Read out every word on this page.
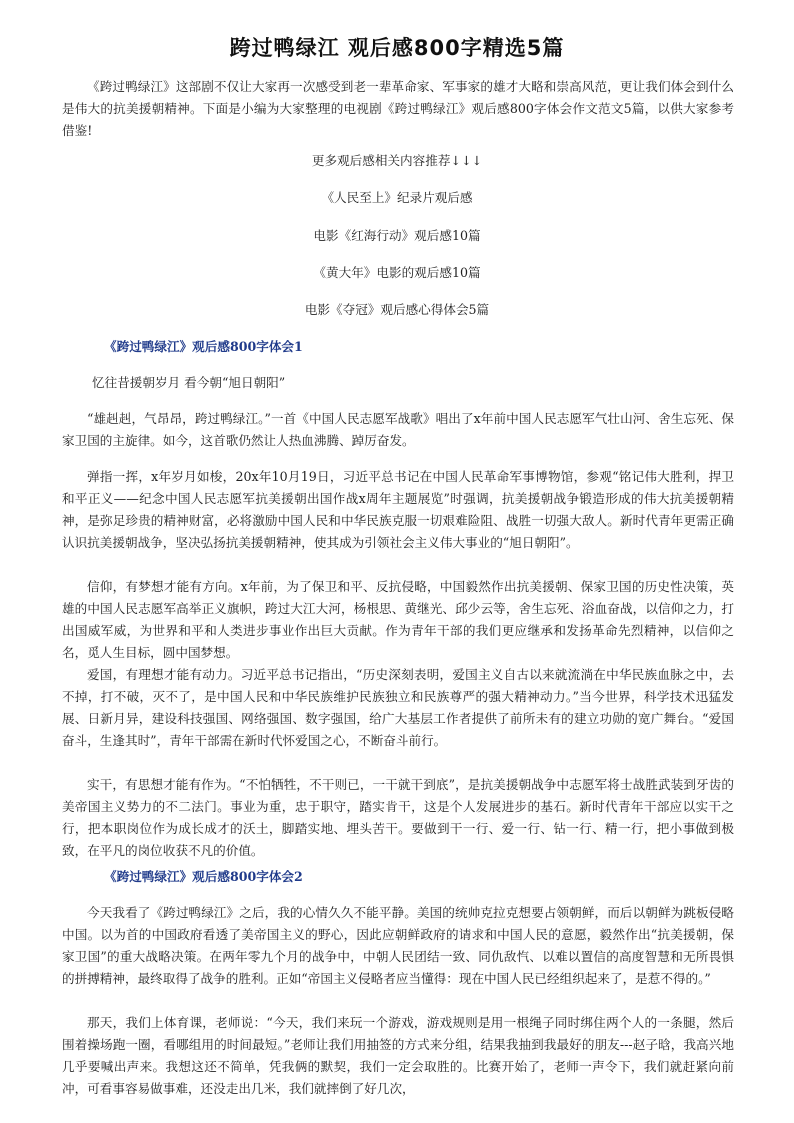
跨过鸭绿江 观后感800字精选5篇

《跨过鸭绿江》这部剧不仅让大家再一次感受到老一辈革命家、军事家的雄才大略和崇高风范，更让我们体会到什么是伟大的抗美援朝精神。下面是小编为大家整理的电视剧《跨过鸭绿江》观后感800字体会作文范文5篇，以供大家参考借鉴!

更多观后感相关内容推荐↓↓↓
《人民至上》纪录片观后感
电影《红海行动》观后感10篇
《黄大年》电影的观后感10篇
电影《夺冠》观后感心得体会5篇
《跨过鸭绿江》观后感800字体会1
忆往昔援朝岁月 看今朝“旭日朝阳”

“雄赳赳，气昂昂，跨过鸭绿江。”一首《中国人民志愿军战歌》唱出了x年前中国人民志愿军气壮山河、舍生忘死、保家卫国的主旋律。如今，这首歌仍然让人热血沸腾、踔厉奋发。

弹指一挥，x年岁月如梭，20x年10月19日，习近平总书记在中国人民革命军事博物馆，参观“铭记伟大胜利，捍卫和平正义——纪念中国人民志愿军抗美援朝出国作战x周年主题展览”时强调，抗美援朝战争锻造形成的伟大抗美援朝精神，是弥足珍贵的精神财富，必将激励中国人民和中华民族克服一切艰难险阻、战胜一切强大敌人。新时代青年更需正确认识抗美援朝战争，坚决弘扬抗美援朝精神，使其成为引领社会主义伟大事业的“旭日朝阳”。

信仰，有梦想才能有方向。x年前，为了保卫和平、反抗侵略，中国毅然作出抗美援朝、保家卫国的历史性决策，英雄的中国人民志愿军高举正义旗帜，跨过大江大河，杨根思、黄继光、邱少云等，舍生忘死、浴血奋战，以信仰之力，打出国威军威，为世界和平和人类进步事业作出巨大贡献。作为青年干部的我们更应继承和发扬革命先烈精神，以信仰之名，觅人生目标，圆中国梦想。

爱国，有理想才能有动力。习近平总书记指出，“历史深刻表明，爱国主义自古以来就流淌在中华民族血脉之中，去不掉，打不破，灭不了，是中国人民和中华民族维护民族独立和民族尊严的强大精神动力。”当今世界，科学技术迅猛发展、日新月异，建设科技强国、网络强国、数字强国，给广大基层工作者提供了前所未有的建立功勋的宽广舞台。“爱国奋斗，生逢其时”，青年干部需在新时代怀爱国之心，不断奋斗前行。

实干，有思想才能有作为。“不怕牺牲，不干则已，一干就干到底”，是抗美援朝战争中志愿军将士战胜武装到牙齿的美帝国主义势力的不二法门。事业为重，忠于职守，踏实肯干，这是个人发展进步的基石。新时代青年干部应以实干之行，把本职岗位作为成长成才的沃土，脚踏实地、埋头苦干。要做到干一行、爱一行、钻一行、精一行，把小事做到极致，在平凡的岗位收获不凡的价值。

《跨过鸭绿江》观后感800字体会2

今天我看了《跨过鸭绿江》之后，我的心情久久不能平静。美国的统帅克拉克想要占领朝鲜，而后以朝鲜为跳板侵略中国。以为首的中国政府看透了美帝国主义的野心，因此应朝鲜政府的请求和中国人民的意愿，毅然作出“抗美援朝，保家卫国”的重大战略决策。在两年零九个月的战争中，中朝人民团结一致、同仇敌忾、以难以置信的高度智慧和无所畏惧的拼搏精神，最终取得了战争的胜利。正如“帝国主义侵略者应当懂得：现在中国人民已经组织起来了，是惹不得的。”

那天，我们上体育课，老师说：“今天，我们来玩一个游戏，游戏规则是用一根绳子同时绑住两个人的一条腿，然后围着操场跑一圈，看哪组用的时间最短。”老师让我们用抽签的方式来分组，结果我抽到我最好的朋友---赵子晗，我高兴地几乎要喊出声来。我想这还不简单，凭我俩的默契，我们一定会取胜的。比赛开始了，老师一声令下，我们就赶紧向前冲，可看事容易做事难，还没走出几米，我们就摔倒了好几次，
